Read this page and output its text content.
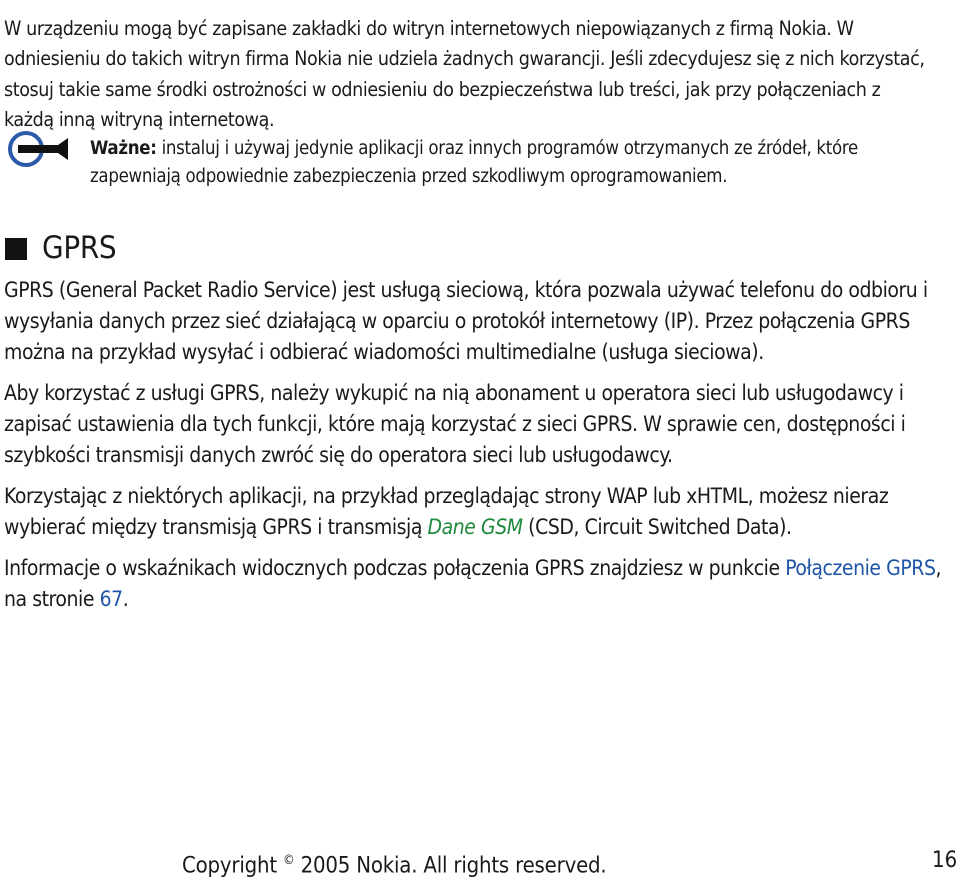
W urządzeniu mogą być zapisane zakładki do witryn internetowych niepowiązanych z firmą Nokia. W odniesieniu do takich witryn firma Nokia nie udziela żadnych gwarancji. Jeśli zdecydujesz się z nich korzystać, stosuj takie same środki ostrożności w odniesieniu do bezpieczeństwa lub treści, jak przy połączeniach z każdą inną witryną internetową.

Ważne: instaluj i używaj jedynie aplikacji oraz innych programów otrzymanych ze źródeł, które zapewniają odpowiednie zabezpieczenia przed szkodliwym oprogramowaniem.

GPRS

GPRS (General Packet Radio Service) jest usługą sieciową, która pozwala używać telefonu do odbioru i wysyłania danych przez sieć działającą w oparciu o protokół internetowy (IP). Przez połączenia GPRS można na przykład wysyłać i odbierać wiadomości multimedialne (usługa sieciowa).

Aby korzystać z usługi GPRS, należy wykupić na nią abonament u operatora sieci lub usługodawcy i zapisać ustawienia dla tych funkcji, które mają korzystać z sieci GPRS. W sprawie cen, dostępności i szybkości transmisji danych zwróć się do operatora sieci lub usługodawcy.

Korzystając z niektórych aplikacji, na przykład przeglądając strony WAP lub xHTML, możesz nieraz wybierać między transmisją GPRS i transmisją Dane GSM (CSD, Circuit Switched Data).

Informacje o wskaźnikach widocznych podczas połączenia GPRS znajdziesz w punkcie Połączenie GPRS, na stronie 67.

Copyright © 2005 Nokia. All rights reserved.	16
